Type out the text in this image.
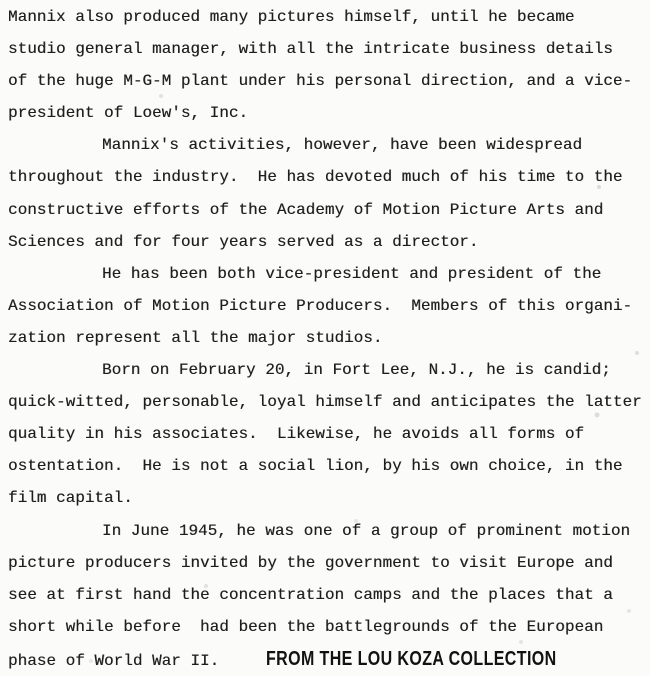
Mannix also produced many pictures himself, until he became
studio general manager, with all the intricate business details
of the huge M-G-M plant under his personal direction, and a vice-
president of Loew's, Inc.
Mannix's activities, however, have been widespread
throughout the industry.  He has devoted much of his time to the
constructive efforts of the Academy of Motion Picture Arts and
Sciences and for four years served as a director.
He has been both vice-president and president of the
Association of Motion Picture Producers.  Members of this organi-
zation represent all the major studios.
Born on February 20, in Fort Lee, N.J., he is candid;
quick-witted, personable, loyal himself and anticipates the latter
quality in his associates.  Likewise, he avoids all forms of
ostentation.  He is not a social lion, by his own choice, in the
film capital.
In June 1945, he was one of a group of prominent motion
picture producers invited by the government to visit Europe and
see at first hand the concentration camps and the places that a
short while before  had been the battlegrounds of the European
phase of World War II. FROM THE LOU KOZA COLLECTION
